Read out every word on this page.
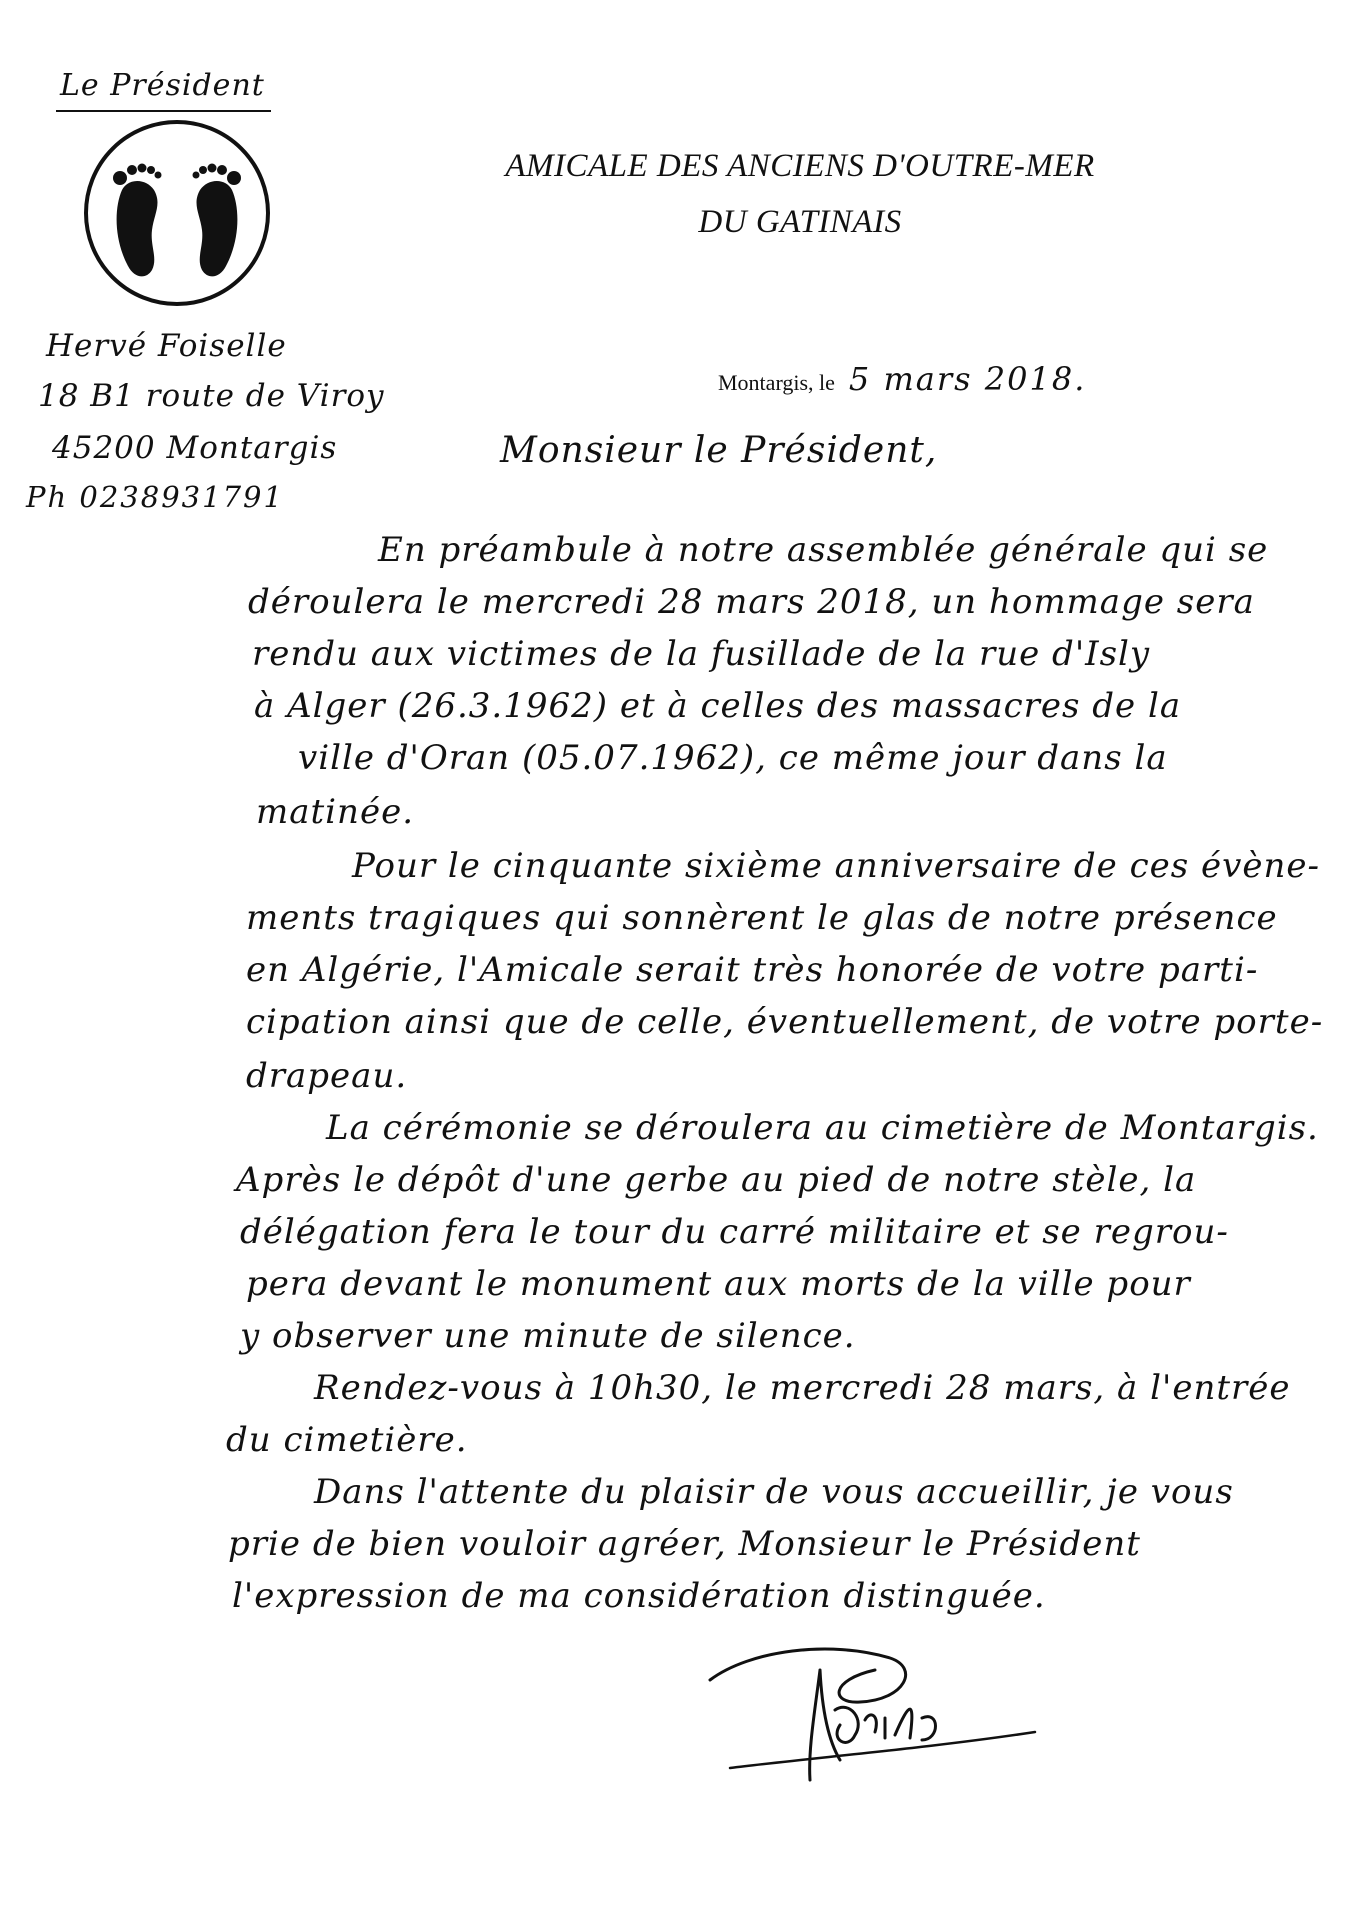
Le Président
AMICALE DES ANCIENS D'OUTRE-MER
DU GATINAIS
Hervé Foiselle
18 B1 route de Viroy
45200 Montargis
Ph 0238931791
Montargis, le 5 mars 2018.
Monsieur le Président,
En préambule à notre assemblée générale qui se
déroulera le mercredi 28 mars 2018, un hommage sera
rendu aux victimes de la fusillade de la rue d'Isly
à Alger (26.3.1962) et à celles des massacres de la
ville d'Oran (05.07.1962), ce même jour dans la
matinée.
Pour le cinquante sixième anniversaire de ces évène-
ments tragiques qui sonnèrent le glas de notre présence
en Algérie, l'Amicale serait très honorée de votre parti-
cipation ainsi que de celle, éventuellement, de votre porte-
drapeau.
La cérémonie se déroulera au cimetière de Montargis.
Après le dépôt d'une gerbe au pied de notre stèle, la
délégation fera le tour du carré militaire et se regrou-
pera devant le monument aux morts de la ville pour
y observer une minute de silence.
Rendez-vous à 10h30, le mercredi 28 mars, à l'entrée
du cimetière.
Dans l'attente du plaisir de vous accueillir, je vous
prie de bien vouloir agréer, Monsieur le Président
l'expression de ma considération distinguée.
